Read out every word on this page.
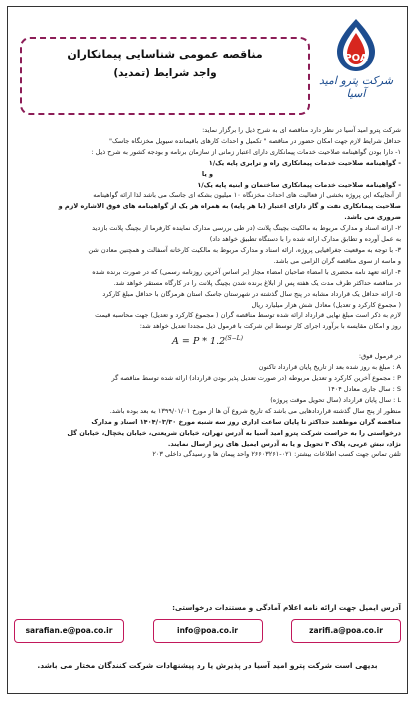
مناقصه عمومی شناسایی پیمانکاران
واجد شرایط (تمدید)
POA
شرکت پترو امید آسیا

شرکت پترو امید آسیا در نظر دارد مناقصه ای به شرح ذیل را برگزار نماید:

حداقل شرایط لازم جهت امکان حضور در مناقصه " تکمیل و احداث کارهای باقیمانده سیویل مخزنگاه جاسک"

۱- دارا بودن گواهینامه صلاحیت خدمات پیمانکاری دارای اعتبار زمانی از سازمان برنامه و بودجه کشور به شرح ذیل :

- گواهینامه صلاحیت خدمات پیمانکاری راه و ترابری پایه یک/۱

و یا

- گواهینامه صلاحیت خدمات پیمانکاری ساختمان و ابنیه پایه یک/۱

از آنجاییکه این پروژه بخشی از فعالیت های احداث مخزنگاه ۱۰ میلیون بشکه ای جاسک می باشد لذا ارائه گواهینامه

صلاحیت پیمانکاری نفت و گاز دارای اعتبار (با هر پایه) به همراه هر یک از گواهینامه های فوق الاشاره لازم و

ضروری می باشد.

۲- ارائه اسناد و مدارک مربوط به مالکیت بچینگ پلانت (در طی بررسی مدارک نماینده کارفرما از بچینگ پلانت بازدید

به عمل آورده و تطابق مدارک ارائه شده را با دستگاه تطبیق خواهد داد)

۳- با توجه به موقعیت جغرافیایی پروژه، ارائه اسناد و مدارک مربوط به مالکیت کارخانه آسفالت و همچنین معادن شن

و ماسه از سوی مناقصه گران الزامی می باشد.

۴- ارائه تعهد نامه محضری با امضاء صاحبان امضاء مجاز (بر اساس آخرین روزنامه رسمی) که در صورت برنده شده

در مناقصه حداکثر ظرف مدت یک هفته پس از ابلاغ برنده شدن بچینگ پلانت را در کارگاه مستقر خواهد شد.

۵- ارائه حداقل یک قرارداد مشابه در پنج سال گذشته در شهرستان جاسک استان هرمزگان با حداقل مبلغ کارکرد

( مجموع کارکرد و تعدیل) معادل شش هزار میلیارد ریال

لازم به ذکر است مبلغ نهایی قرارداد ارائه شده توسط مناقصه گران ( مجموع کارکرد و تعدیل) جهت محاسبه قیمت

روز و امکان مقایسه با برآورد اجرای کار توسط این شرکت با فرمول ذیل مجددا تعدیل خواهد شد:

$A = P * 1.2^{(S-L)}$

در فرمول فوق:

A : مبلغ به روز شده بعد از تاریخ پایان قرارداد تاکنون

P : مجموع آخرین کارکرد و تعدیل مربوطه (در صورت تعدیل پذیر بودن قرارداد) ارائه شده توسط مناقصه گر

S : سال جاری معادل ۱۴۰۴

L : سال پایان قرارداد (سال تحویل موقت پروژه)

منظور از پنج سال گذشته قراردادهایی می باشد که تاریخ شروع آن ها از مورخ ۱۳۹۹/۰۱/۰۱ به بعد بوده باشد.

مناقصه گران موظفند حداکثر تا پایان ساعت اداری روز سه شنبه مورخ ۱۴۰۴/۰۳/۳۰ اسناد و مدارک

درخواستی را به حراست شرکت پترو امید آسیا به آدرس تهران، خیابان شریعتی، خیابان یخچال، خیابان گل

نژاد، نبش غربی، پلاک ۳ تحویل و یا به آدرس ایمیل های زیر ارسال نمایند.

تلفن تماس جهت کسب اطلاعات بیشتر: ۰۲۱-۲۶۶۰۳۲۶۱ واحد پیمان ها و رسیدگی داخلی ۲۰۳

آدرس ایمیل جهت ارائه نامه اعلام آمادگی و مستندات درخواستی:
sarafian.e@poa.co.ir	info@poa.co.ir	zarifi.a@poa.co.ir
بدیهی است شرکت پترو امید آسیا در پذیرش یا رد پیشنهادات شرکت کنندگان مختار می باشد.
